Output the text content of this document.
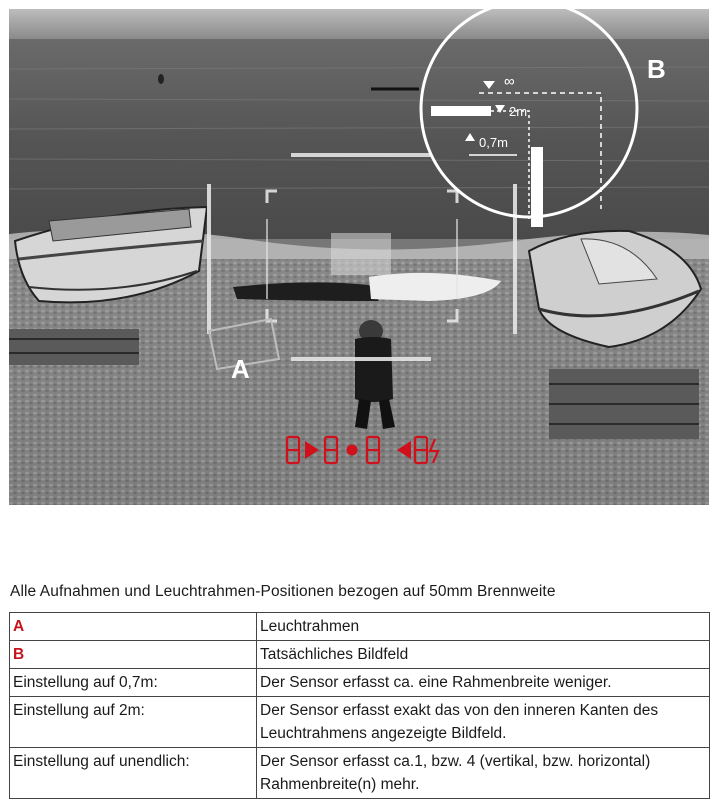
∞
2m
0,7m
A
B
Alle Aufnahmen und Leuchtrahmen-Positionen bezogen auf 50mm Brennweite
A	Leuchtrahmen
B	Tatsächliches Bildfeld
Einstellung auf 0,7m:	Der Sensor erfasst ca. eine Rahmenbreite weniger.
Einstellung auf 2m:	Der Sensor erfasst exakt das von den inneren Kanten des Leuchtrahmens angezeigte Bildfeld.
Einstellung auf unendlich:	Der Sensor erfasst ca.1, bzw. 4 (vertikal, bzw. horizontal) Rahmenbreite(n) mehr.
